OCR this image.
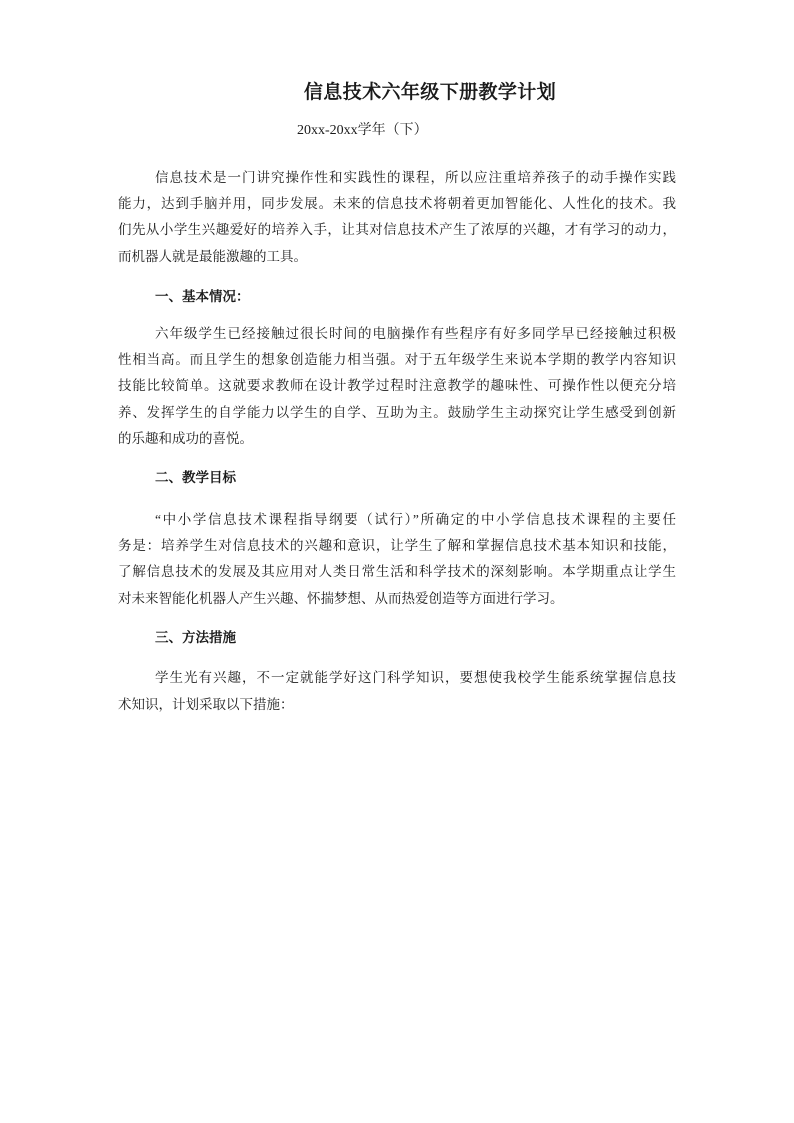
信息技术六年级下册教学计划
20xx-20xx学年（下）
信息技术是一门讲究操作性和实践性的课程，所以应注重培养孩子的动手操作实践
能力，达到手脑并用，同步发展。未来的信息技术将朝着更加智能化、人性化的技术。我
们先从小学生兴趣爱好的培养入手，让其对信息技术产生了浓厚的兴趣，才有学习的动力，
而机器人就是最能激趣的工具。
一、基本情况：
六年级学生已经接触过很长时间的电脑操作有些程序有好多同学早已经接触过积极
性相当高。而且学生的想象创造能力相当强。对于五年级学生来说本学期的教学内容知识
技能比较简单。这就要求教师在设计教学过程时注意教学的趣味性、可操作性以便充分培
养、发挥学生的自学能力以学生的自学、互助为主。鼓励学生主动探究让学生感受到创新
的乐趣和成功的喜悦。
二、教学目标
“中小学信息技术课程指导纲要（试行）”所确定的中小学信息技术课程的主要任
务是：培养学生对信息技术的兴趣和意识，让学生了解和掌握信息技术基本知识和技能，
了解信息技术的发展及其应用对人类日常生活和科学技术的深刻影响。本学期重点让学生
对未来智能化机器人产生兴趣、怀揣梦想、从而热爱创造等方面进行学习。
三、方法措施
学生光有兴趣，不一定就能学好这门科学知识，要想使我校学生能系统掌握信息技
术知识，计划采取以下措施：
